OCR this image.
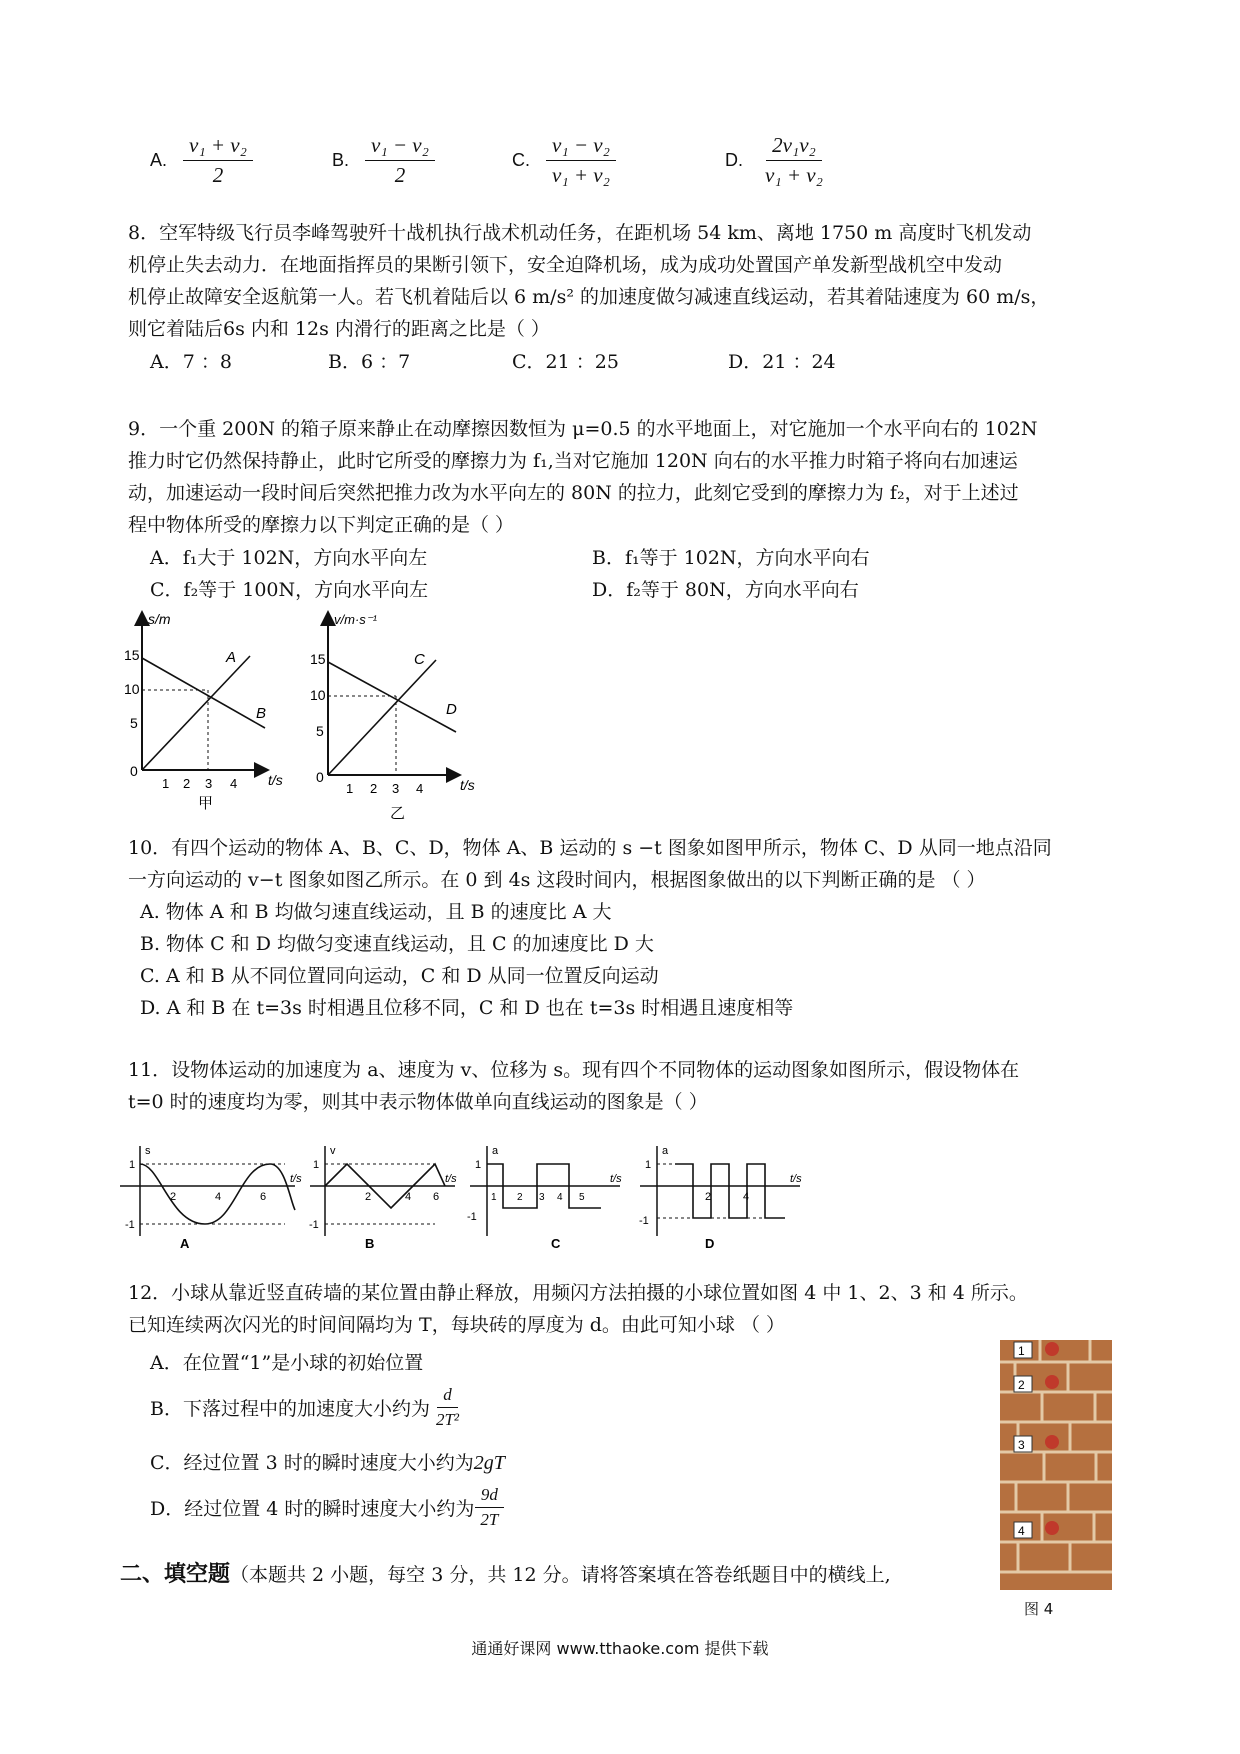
A. $\frac{\text{v₁ + v₂}}{2}$	B. $\frac{\text{v₁ − v₂}}{2}$	C. $\frac{\text{v₁ − v₂}}{\text{v₁ + v₂}}$	D. $\frac{\text{2v₁v₂}}{\text{v₁ + v₂}}$
8．空军特级飞行员李峰驾驶歼十战机执行战术机动任务，在距机场 54 km、离地 1750 m 高度时飞机发动
机停止失去动力．在地面指挥员的果断引领下，安全迫降机场，成为成功处置国产单发新型战机空中发动
机停止故障安全返航第一人。若飞机着陆后以 6 m/s² 的加速度做匀减速直线运动，若其着陆速度为 60 m/s，
则它着陆后6s 内和 12s 内滑行的距离之比是（ ）
A．7 ：8	B．6 ：7	C．21 ：25	D．21 ：24
9．一个重 200N 的箱子原来静止在动摩擦因数恒为 μ=0.5 的水平地面上，对它施加一个水平向右的 102N
推力时它仍然保持静止，此时它所受的摩擦力为 f₁,当对它施加 120N 向右的水平推力时箱子将向右加速运
动，加速运动一段时间后突然把推力改为水平向左的 80N 的拉力，此刻它受到的摩擦力为 f₂，对于上述过
程中物体所受的摩擦力以下判定正确的是（ ）
A．f₁大于 102N，方向水平向左	B．f₁等于 102N，方向水平向右
C．f₂等于 100N，方向水平向左	D．f₂等于 80N，方向水平向右
s/m
t/s
15
10
5
0
1 2 3 4
A
B
甲
v/m·s⁻¹
t/s
15
10
5
0
1 2 3 4
C
D
乙
10．有四个运动的物体 A、B、C、D，物体 A、B 运动的 s −t 图象如图甲所示，物体 C、D 从同一地点沿同
一方向运动的 v−t 图象如图乙所示。在 0 到 4s 这段时间内，根据图象做出的以下判断正确的是 （ ）
A. 物体 A 和 B 均做匀速直线运动，且 B 的速度比 A 大
B. 物体 C 和 D 均做匀变速直线运动，且 C 的加速度比 D 大
C. A 和 B 从不同位置同向运动，C 和 D 从同一位置反向运动
D. A 和 B 在 t=3s 时相遇且位移不同，C 和 D 也在 t=3s 时相遇且速度相等
11．设物体运动的加速度为 a、速度为 v、位移为 s。现有四个不同物体的运动图象如图所示，假设物体在
t=0 时的速度均为零，则其中表示物体做单向直线运动的图象是（ ）
s
t/s
1
-1
2	4	6
A
v
t/s
1
-1
2	4 6
B
a
t/s
1
-1
1 2 3 4 5
C
a
t/s
1
-1
2	4
D
12．小球从靠近竖直砖墙的某位置由静止释放，用频闪方法拍摄的小球位置如图 4 中 1、2、3 和 4 所示。
已知连续两次闪光的时间间隔均为 T，每块砖的厚度为 d。由此可知小球 （ ）
A．在位置“1”是小球的初始位置
B．下落过程中的加速度大小约为 $\frac{d}{\text{2T²}}$
C．经过位置 3 时的瞬时速度大小约为2gT
D．经过位置 4 时的瞬时速度大小约为 $\frac{9d}{2T}$
1
2
3
4
图 4
二、填空题（本题共 2 小题，每空 3 分，共 12 分。请将答案填在答卷纸题目中的横线上,
通通好课网 www.tthaoke.com 提供下载
